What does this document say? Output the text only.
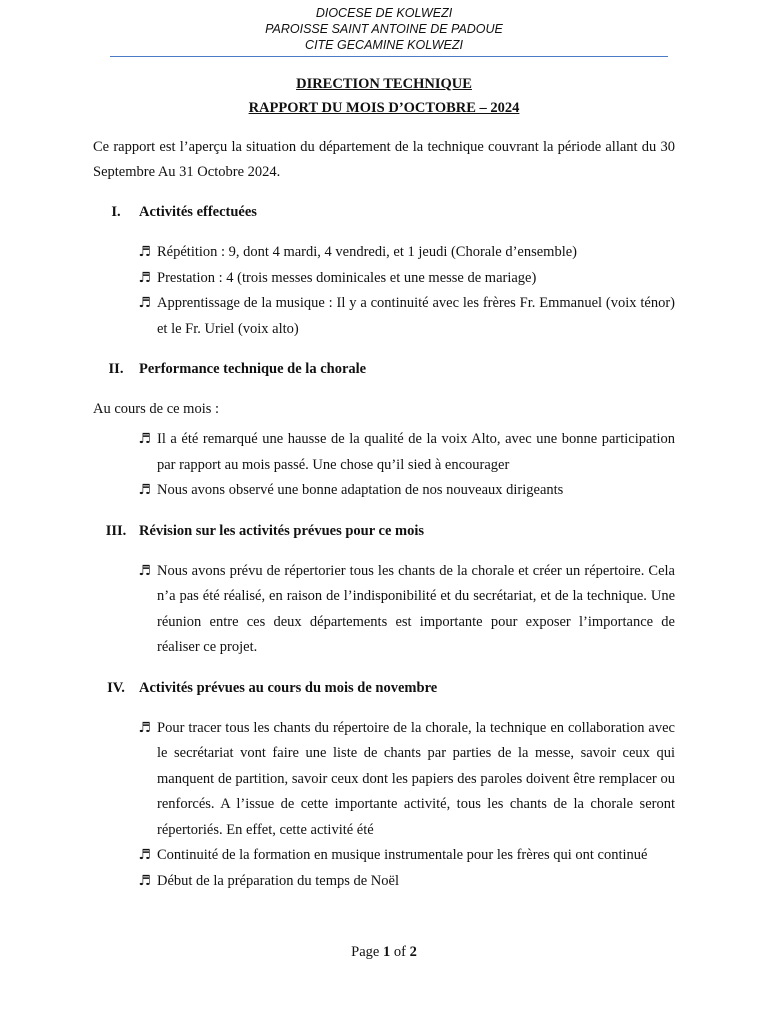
DIOCESE DE KOLWEZI
PAROISSE SAINT ANTOINE DE PADOUE
CITE GECAMINE KOLWEZI
DIRECTION TECHNIQUE
RAPPORT DU MOIS D’OCTOBRE – 2024

Ce rapport est l’aperçu la situation du département de la technique couvrant la période allant du 30 Septembre Au 31 Octobre 2024.

I.	Activités effectuées
♬ Répétition : 9, dont 4 mardi, 4 vendredi, et 1 jeudi (Chorale d’ensemble)
♬ Prestation : 4 (trois messes dominicales et une messe de mariage)
♬ Apprentissage de la musique : Il y a continuité avec les frères Fr. Emmanuel (voix ténor) et le Fr. Uriel (voix alto)
II.	Performance technique de la chorale

Au cours de ce mois :

♬ Il a été remarqué une hausse de la qualité de la voix Alto, avec une bonne participation par rapport au mois passé. Une chose qu’il sied à encourager
♬ Nous avons observé une bonne adaptation de nos nouveaux dirigeants
III. Révision sur les activités prévues pour ce mois
♬ Nous avons prévu de répertorier tous les chants de la chorale et créer un répertoire. Cela n’a pas été réalisé, en raison de l’indisponibilité et du secrétariat, et de la technique. Une réunion entre ces deux départements est importante pour exposer l’importance de réaliser ce projet.
IV. Activités prévues au cours du mois de novembre
♬ Pour tracer tous les chants du répertoire de la chorale, la technique en collaboration avec le secrétariat vont faire une liste de chants par parties de la messe, savoir ceux qui manquent de partition, savoir ceux dont les papiers des paroles doivent être remplacer ou renforcés. A l’issue de cette importante activité, tous les chants de la chorale seront répertoriés. En effet, cette activité été
♬ Continuité de la formation en musique instrumentale pour les frères qui ont continué
♬ Début de la préparation du temps de Noël
Page 1 of 2
